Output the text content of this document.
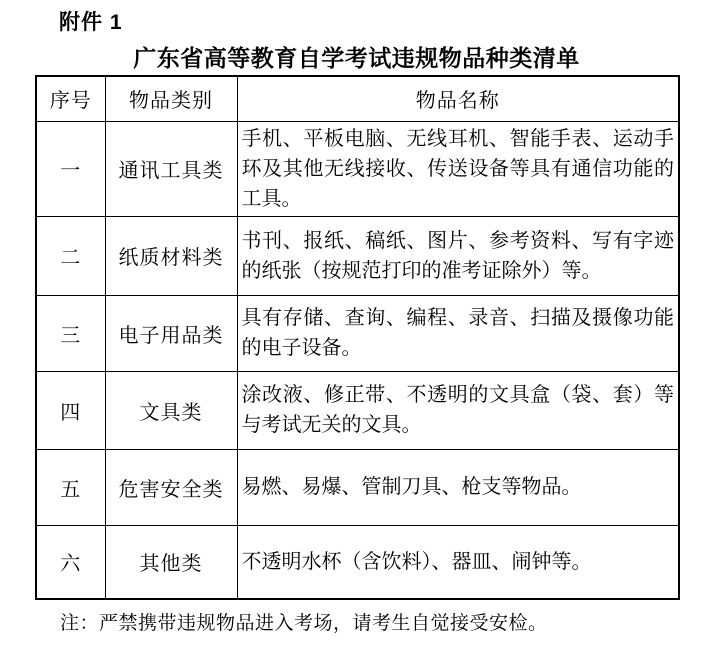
附件 1
广东省高等教育自学考试违规物品种类清单
序号	物品类别	物品名称
一	通讯工具类	手机、平板电脑、无线耳机、智能手表、运动手环及其他无线接收、传送设备等具有通信功能的工具。
二	纸质材料类	书刊、报纸、稿纸、图片、参考资料、写有字迹的纸张（按规范打印的准考证除外）等。
三	电子用品类	具有存储、查询、编程、录音、扫描及摄像功能的电子设备。
四	文具类	涂改液、修正带、不透明的文具盒（袋、套）等与考试无关的文具。
五	危害安全类	易燃、易爆、管制刀具、枪支等物品。
六	其他类	不透明水杯（含饮料）、器皿、闹钟等。
注：严禁携带违规物品进入考场，请考生自觉接受安检。
